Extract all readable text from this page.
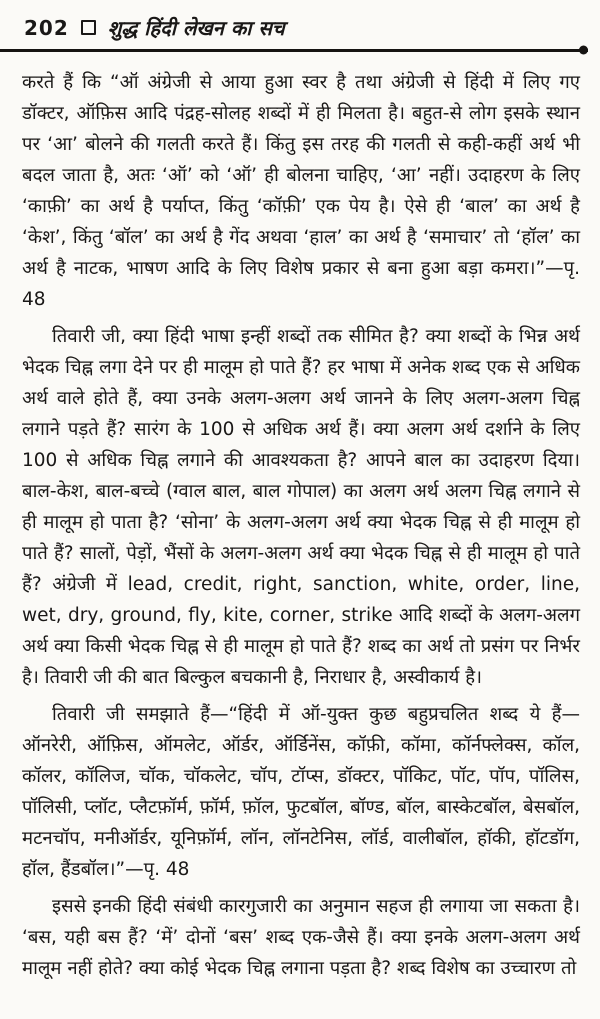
202 शुद्ध हिंदी लेखन का सच

करते हैं कि “ऑ अंग्रेजी से आया हुआ स्वर है तथा अंग्रेजी से हिंदी में लिए गए डॉक्टर, ऑफ़िस आदि पंद्रह-सोलह शब्दों में ही मिलता है। बहुत-से लोग इसके स्थान पर ‘आ’ बोलने की गलती करते हैं। किंतु इस तरह की गलती से कही-कहीं अर्थ भी बदल जाता है, अतः ‘ऑ’ को ‘ऑ’ ही बोलना चाहिए, ‘आ’ नहीं। उदाहरण के लिए ‘काफ़ी’ का अर्थ है पर्याप्त, किंतु ‘कॉफ़ी’ एक पेय है। ऐसे ही ‘बाल’ का अर्थ है ‘केश’, किंतु ‘बॉल’ का अर्थ है गेंद अथवा ‘हाल’ का अर्थ है ‘समाचार’ तो ‘हॉल’ का अर्थ है नाटक, भाषण आदि के लिए विशेष प्रकार से बना हुआ बड़ा कमरा।”—पृ. 48

तिवारी जी, क्या हिंदी भाषा इन्हीं शब्दों तक सीमित है? क्या शब्दों के भिन्न अर्थ भेदक चिह्न लगा देने पर ही मालूम हो पाते हैं? हर भाषा में अनेक शब्द एक से अधिक अर्थ वाले होते हैं, क्या उनके अलग-अलग अर्थ जानने के लिए अलग-अलग चिह्न लगाने पड़ते हैं? सारंग के 100 से अधिक अर्थ हैं। क्या अलग अर्थ दर्शाने के लिए 100 से अधिक चिह्न लगाने की आवश्यकता है? आपने बाल का उदाहरण दिया। बाल-केश, बाल-बच्चे (ग्वाल बाल, बाल गोपाल) का अलग अर्थ अलग चिह्न लगाने से ही मालूम हो पाता है? ‘सोना’ के अलग-अलग अर्थ क्या भेदक चिह्न से ही मालूम हो पाते हैं? सालों, पेड़ों, भैंसों के अलग-अलग अर्थ क्या भेदक चिह्न से ही मालूम हो पाते हैं? अंग्रेजी में lead, credit, right, sanction, white, order, line, wet, dry, ground, fly, kite, corner, strike आदि शब्दों के अलग-अलग अर्थ क्या किसी भेदक चिह्न से ही मालूम हो पाते हैं? शब्द का अर्थ तो प्रसंग पर निर्भर है। तिवारी जी की बात बिल्कुल बचकानी है, निराधार है, अस्वीकार्य है।

तिवारी जी समझाते हैं—“हिंदी में ऑ-युक्त कुछ बहुप्रचलित शब्द ये हैं—ऑनरेरी, ऑफ़िस, ऑमलेट, ऑर्डर, ऑर्डिनेंस, कॉफ़ी, कॉमा, कॉर्नफ्लेक्स, कॉल, कॉलर, कॉलिज, चॉक, चॉकलेट, चॉप, टॉप्स, डॉक्टर, पॉकिट, पॉट, पॉप, पॉलिस, पॉलिसी, प्लॉट, प्लैटफ़ॉर्म, फ़ॉर्म, फ़ॉल, फुटबॉल, बॉण्ड, बॉल, बास्केटबॉल, बेसबॉल, मटनचॉप, मनीऑर्डर, यूनिफ़ॉर्म, लॉन, लॉनटेनिस, लॉर्ड, वालीबॉल, हॉकी, हॉटडॉग, हॉल, हैंडबॉल।”—पृ. 48

इससे इनकी हिंदी संबंधी कारगुजारी का अनुमान सहज ही लगाया जा सकता है। ‘बस, यही बस हैं? ‘में’ दोनों ‘बस’ शब्द एक-जैसे हैं। क्या इनके अलग-अलग अर्थ मालूम नहीं होते? क्या कोई भेदक चिह्न लगाना पड़ता है? शब्द विशेष का उच्चारण तो
